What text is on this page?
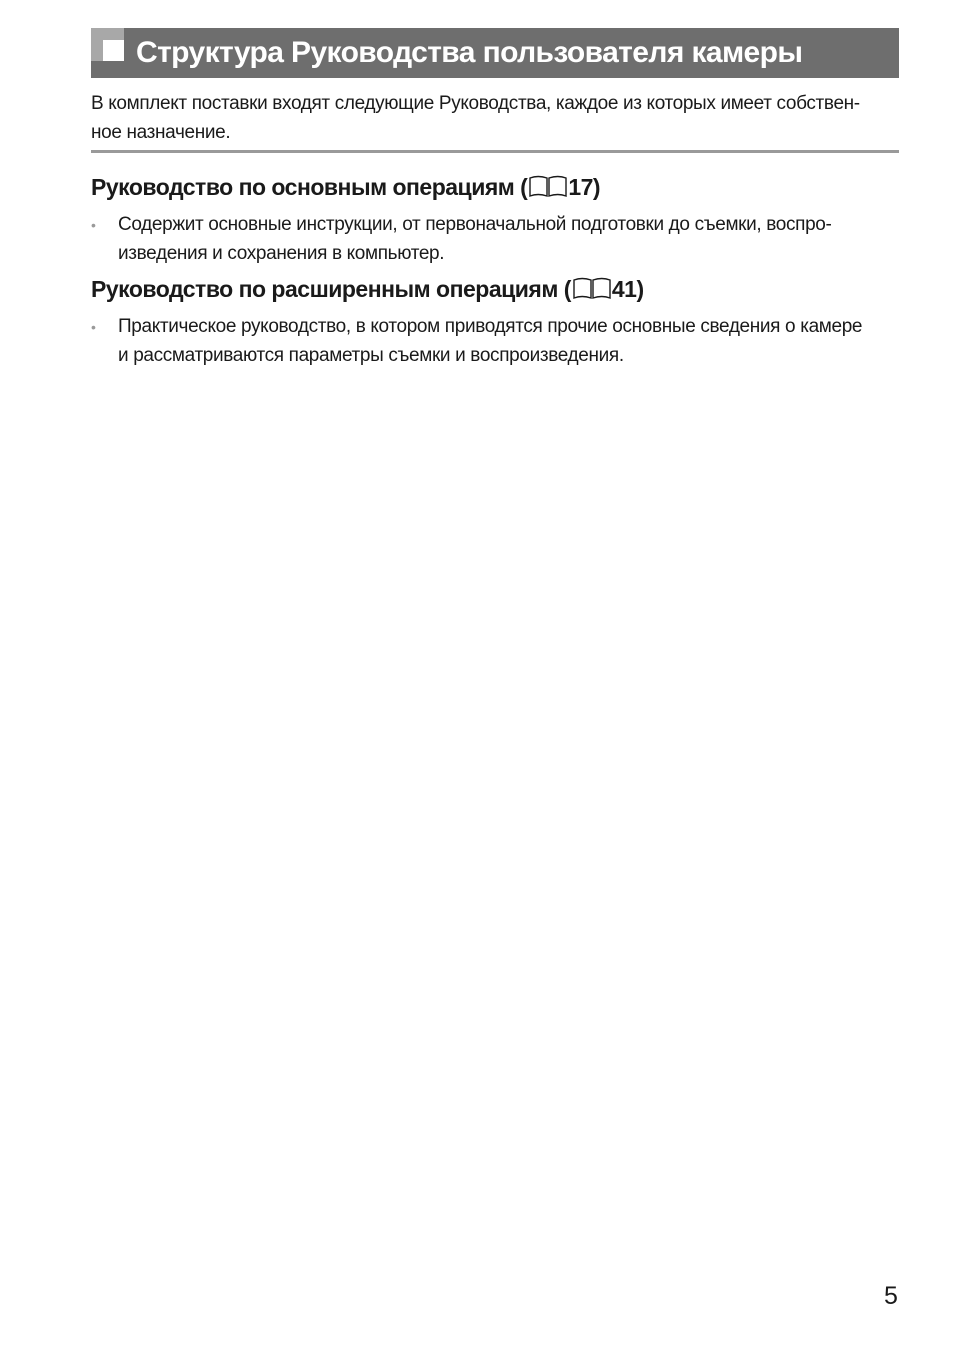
Структура Руководства пользователя камеры

В комплект поставки входят следующие Руководства, каждое из которых имеет собствен-
ное назначение.

Руководство по основным операциям ( 17)
• Содержит основные инструкции, от первоначальной подготовки до съемки, воспро-
изведения и сохранения в компьютер.

Руководство по расширенным операциям ( 41)
• Практическое руководство, в котором приводятся прочие основные сведения о камере
и рассматриваются параметры съемки и воспроизведения.

5
